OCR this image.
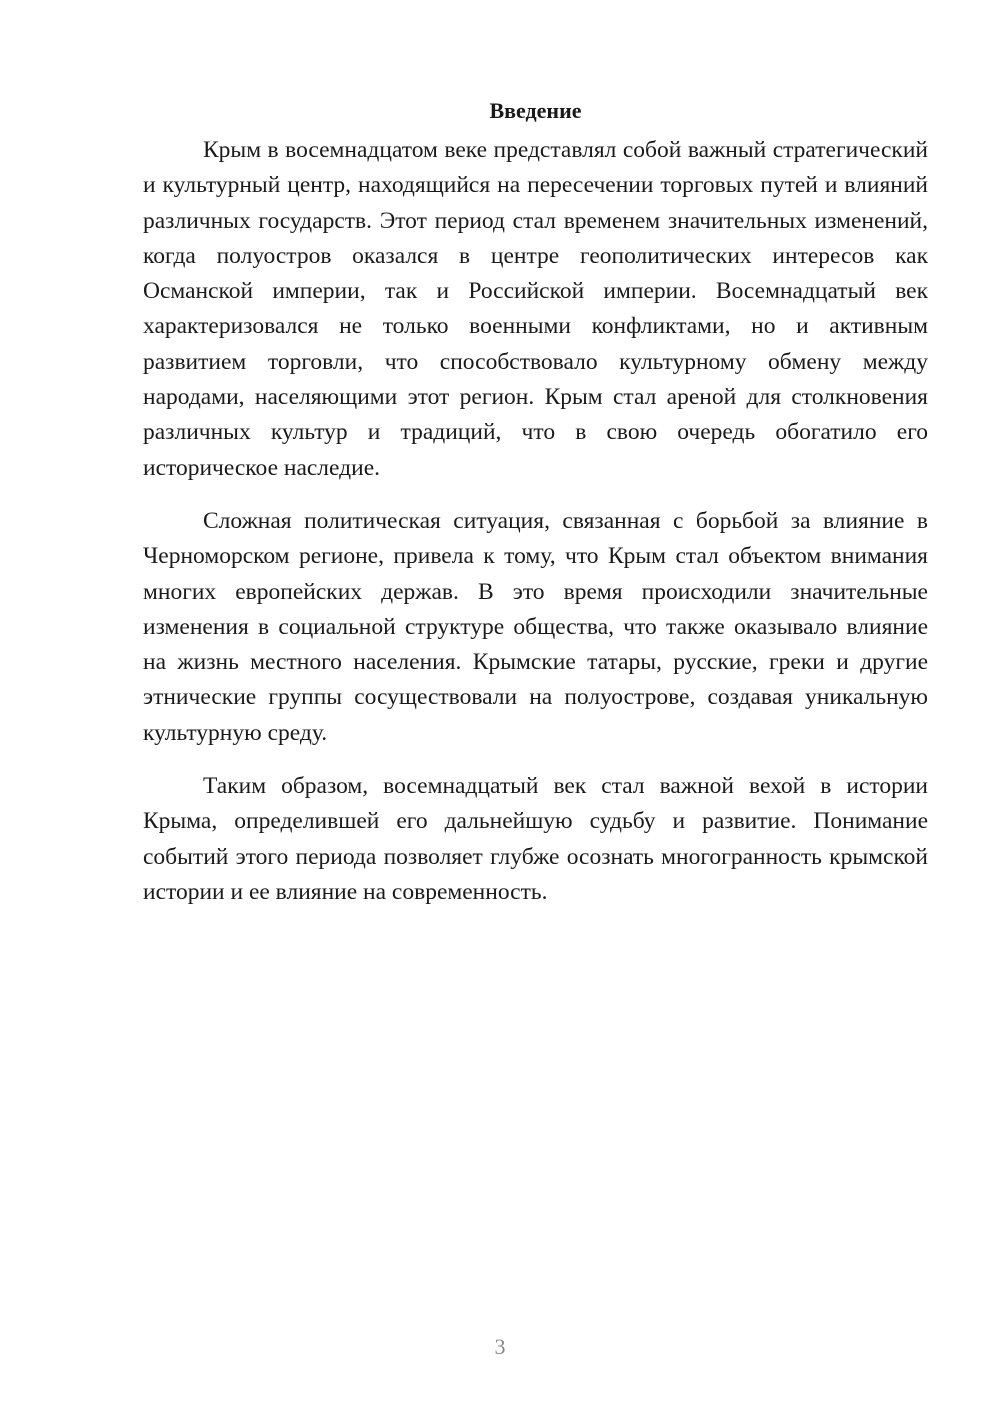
Введение

Крым в восемнадцатом веке представлял собой важный стратегический и культурный центр, находящийся на пересечении торговых путей и влияний различных государств. Этот период стал временем значительных изменений, когда полуостров оказался в центре геополитических интересов как Османской империи, так и Российской империи. Восемнадцатый век характеризовался не только военными конфликтами, но и активным развитием торговли, что способствовало культурному обмену между народами, населяющими этот регион. Крым стал ареной для столкновения различных культур и традиций, что в свою очередь обогатило его историческое наследие.

Сложная политическая ситуация, связанная с борьбой за влияние в Черноморском регионе, привела к тому, что Крым стал объектом внимания многих европейских держав. В это время происходили значительные изменения в социальной структуре общества, что также оказывало влияние на жизнь местного населения. Крымские татары, русские, греки и другие этнические группы сосуществовали на полуострове, создавая уникальную культурную среду.

Таким образом, восемнадцатый век стал важной вехой в истории Крыма, определившей его дальнейшую судьбу и развитие. Понимание событий этого периода позволяет глубже осознать многогранность крымской истории и ее влияние на современность.

3
